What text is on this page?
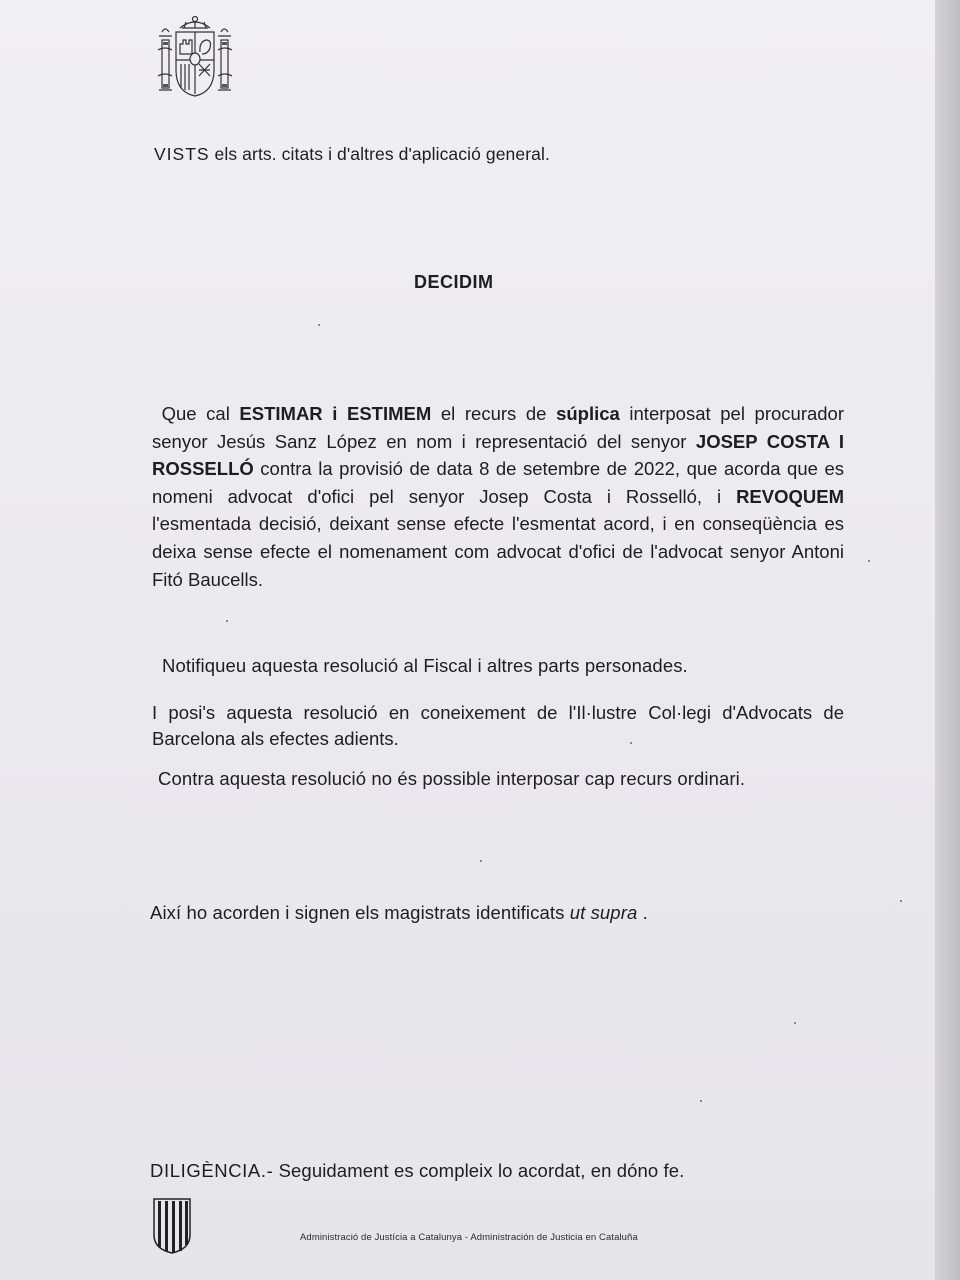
VISTS els arts. citats i d'altres d'aplicació general.
DECIDIM
Que cal ESTIMAR i ESTIMEM el recurs de súplica interposat pel procurador senyor Jesús Sanz López en nom i representació del senyor JOSEP COSTA I ROSSELLÓ contra la provisió de data 8 de setembre de 2022, que acorda que es nomeni advocat d'ofici pel senyor Josep Costa i Rosselló, i REVOQUEM l'esmentada decisió, deixant sense efecte l'esmentat acord, i en conseqüència es deixa sense efecte el nomenament com advocat d'ofici de l'advocat senyor Antoni Fitó Baucells.
Notifiqueu aquesta resolució al Fiscal i altres parts personades.
I posi's aquesta resolució en coneixement de l'Il·lustre Col·legi d'Advocats de Barcelona als efectes adients.
Contra aquesta resolució no és possible interposar cap recurs ordinari.
Així ho acorden i signen els magistrats identificats ut supra .
DILIGÈNCIA.- Seguidament es compleix lo acordat, en dóno fe.
Administració de Justícia a Catalunya - Administración de Justicia en Cataluña
